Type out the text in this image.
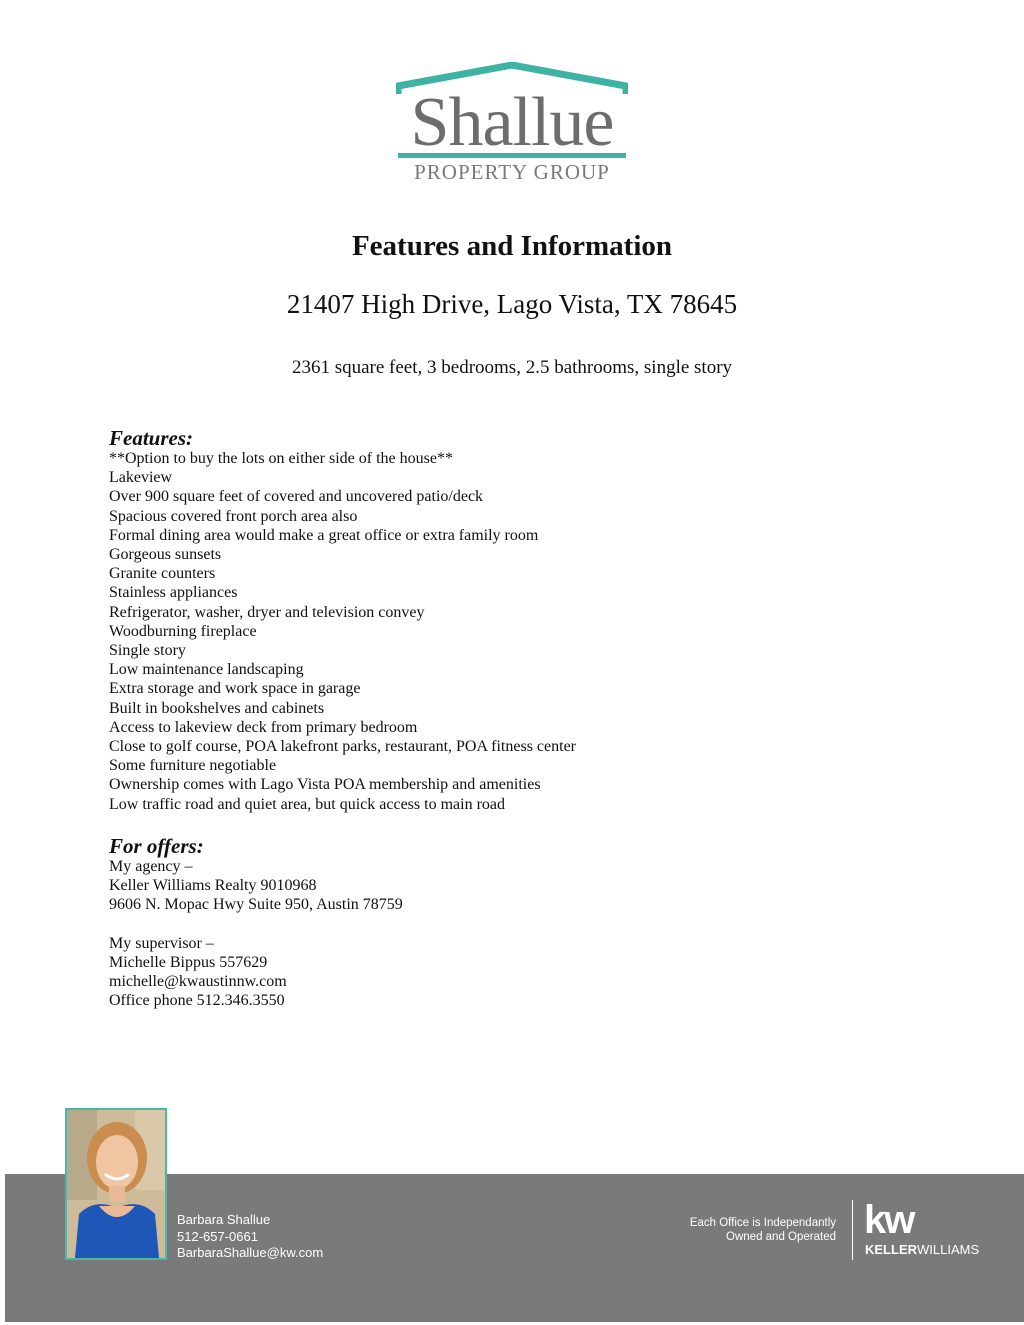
Shallue
PROPERTY GROUP
Features and Information
21407 High Drive, Lago Vista, TX 78645
2361 square feet, 3 bedrooms, 2.5 bathrooms, single story
Features:
**Option to buy the lots on either side of the house**
Lakeview
Over 900 square feet of covered and uncovered patio/deck
Spacious covered front porch area also
Formal dining area would make a great office or extra family room
Gorgeous sunsets
Granite counters
Stainless appliances
Refrigerator, washer, dryer and television convey
Woodburning fireplace
Single story
Low maintenance landscaping
Extra storage and work space in garage
Built in bookshelves and cabinets
Access to lakeview deck from primary bedroom
Close to golf course, POA lakefront parks, restaurant, POA fitness center
Some furniture negotiable
Ownership comes with Lago Vista POA membership and amenities
Low traffic road and quiet area, but quick access to main road
For offers:
My agency –
Keller Williams Realty 9010968
9606 N. Mopac Hwy Suite 950, Austin 78759
My supervisor –
Michelle Bippus 557629
michelle@kwaustinnw.com
Office phone 512.346.3550
Barbara Shallue
512-657-0661
BarbaraShallue@kw.com
Each Office is Independantly
Owned and Operated kw
KELLERWILLIAMS
